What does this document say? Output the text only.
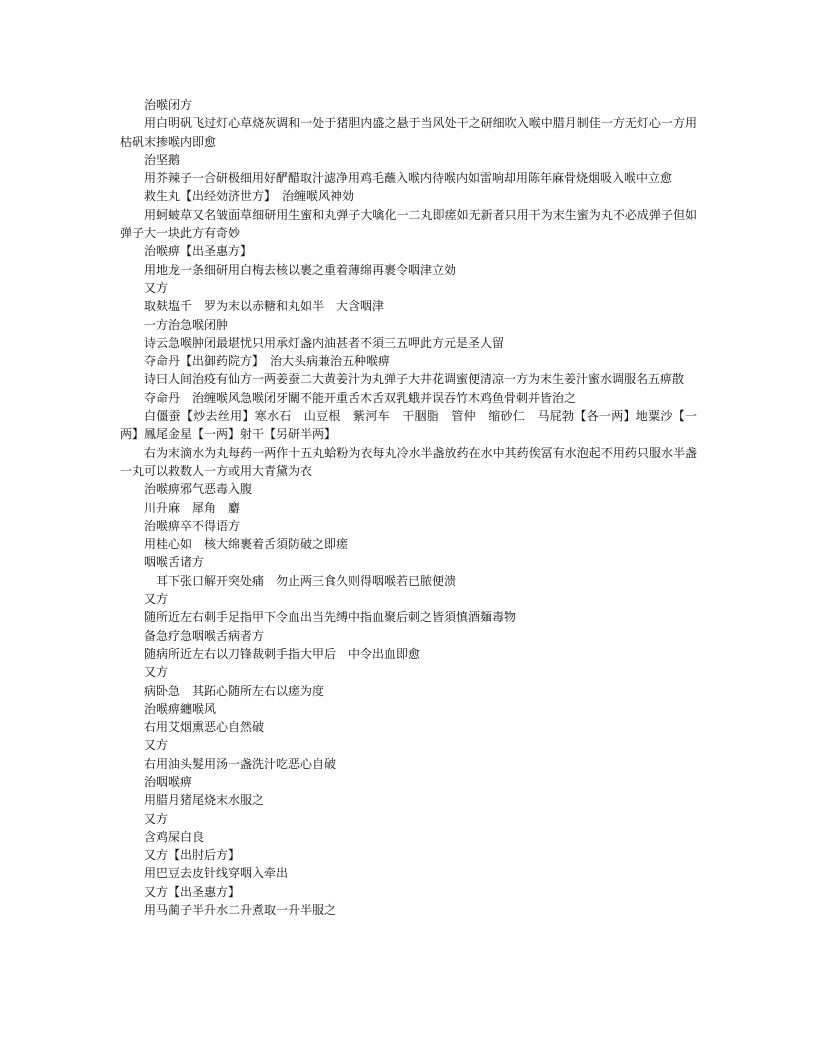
治喉闭方

用白明矾飞过灯心草烧灰调和一处于猪胆内盛之悬于当风处干之研细吹入喉中腊月制佳一方无灯心一方用枯矾末掺喉内即愈

治坚鹅

用芥辣子一合研极细用好酽醋取汁滤净用鸡毛蘸入喉内待喉内如雷响却用陈年麻骨烧烟吸入喉中立愈

救生丸【出经効济世方】　治缠喉风神効

用蚵蚾草又名皱面草细研用生蜜和丸弹子大噙化一二丸即瘥如无新者只用干为末生蜜为丸不必成弹子但如弹子大一块此方有奇妙

治喉痹【出圣惠方】

用地龙一条细研用白梅去核以裹之重着薄绵再裹令咽津立効

又方

取麸塩千　罗为末以赤糖和丸如半　大含咽津

一方治急喉闭肿

诗云急喉肿闭最堪忧只用承灯盏内油甚者不須三五呷此方元是圣人留

夺命丹【出御药院方】　治大头病兼治五种喉痹

诗曰人间治疫有仙方一两姜蚕二大黄姜汁为丸弹子大井花调蜜便清凉一方为末生姜汁蜜水调服名五痹散

夺命丹　治缠喉风急喉闭牙關不能开重舌木舌双乳蛾并误吞竹木鸡鱼骨刺并皆治之

白僵蚕【炒去丝用】寒水石　山豆根　紫河车　干胭脂　管仲　缩砂仁　马屁勃【各一两】地粟沙【一两】鳳尾金星【一两】射干【另研半两】

右为末滴水为丸每药一两作十五丸蛤粉为衣每丸冷水半盏放药在水中其药俟冨有水泡起不用药只服水半盏一丸可以救数人一方或用大青黛为衣

治喉痹邪气恶毒入腹

川升麻　犀角　麝

治喉痹卒不得语方

用桂心如　核大绵裹着舌須防破之即瘥

咽喉舌诸方

耳下张口解开突处痛　勿止两三食久则得咽喉若已脓便溃

又方

随所近左右刺手足指甲下令血出当先缚中指血聚后刺之皆須慎酒麺毒物

备急疗急咽喉舌病者方

随病所近左右以刀锋裁刺手指大甲后　中令出血即愈

又方

病卧急　其跖心随所左右以瘥为度

治喉痹纏喉风

右用艾烟熏恶心自然破

又方

右用油头髮用汤一盏洗汁吃恶心自破

治咽喉痹

用腊月猪尾烧末水服之

又方

含鸡屎白良

又方【出肘后方】

用巴豆去皮针线穿咽入牵出

又方【出圣惠方】

用马蔺子半升水二升煮取一升半服之
